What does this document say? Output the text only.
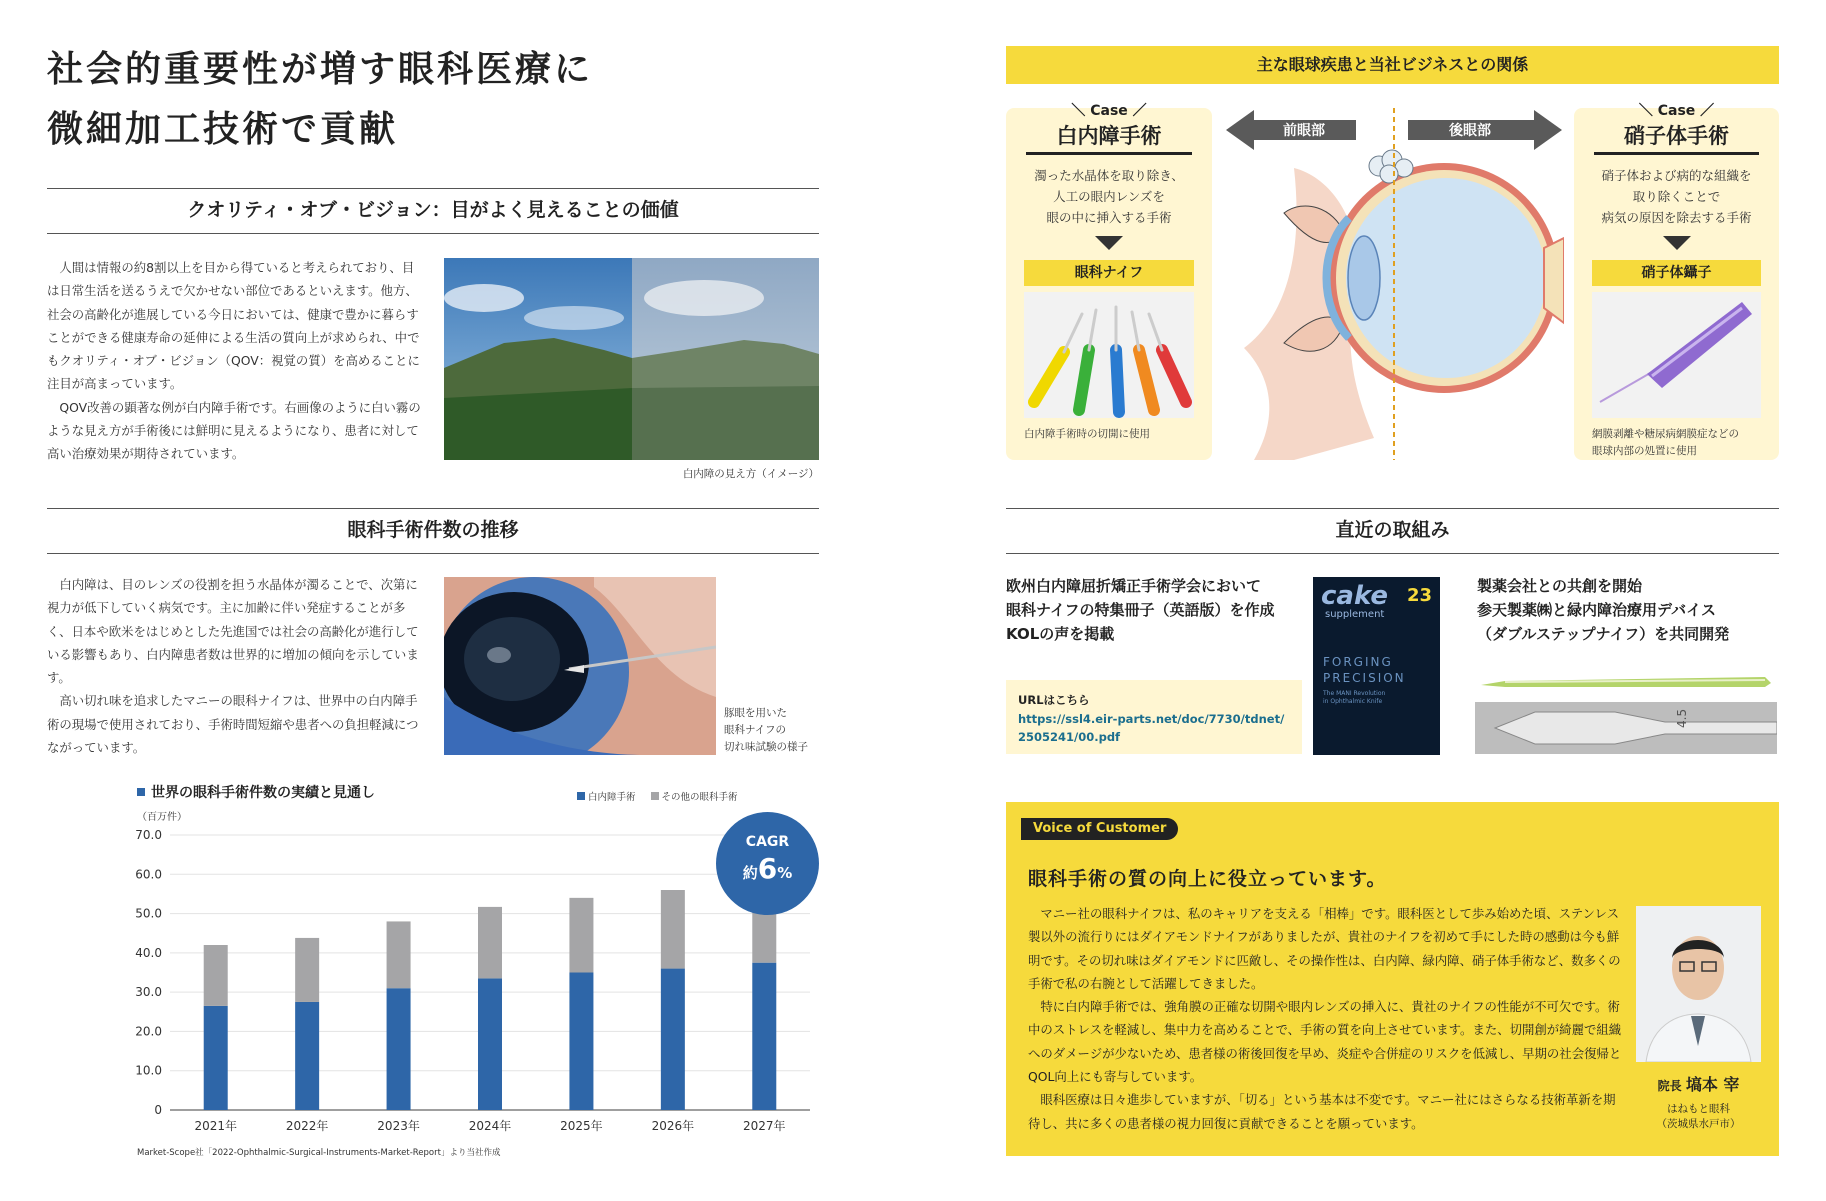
社会的重要性が増す眼科医療に
微細加工技術で貢献
クオリティ・オブ・ビジョン：目がよく見えることの価値

人間は情報の約8割以上を目から得ていると考えられており、目は日常生活を送るうえで欠かせない部位であるといえます。他方、社会の高齢化が進展している今日においては、健康で豊かに暮らすことができる健康寿命の延伸による生活の質向上が求められ、中でもクオリティ・オブ・ビジョン（QOV：視覚の質）を高めることに注目が高まっています。

QOV改善の顕著な例が白内障手術です。右画像のように白い霧のような見え方が手術後には鮮明に見えるようになり、患者に対して高い治療効果が期待されています。

白内障の見え方（イメージ）
眼科手術件数の推移

白内障は、目のレンズの役割を担う水晶体が濁ることで、次第に視力が低下していく病気です。主に加齢に伴い発症することが多く、日本や欧米をはじめとした先進国では社会の高齢化が進行している影響もあり、白内障患者数は世界的に増加の傾向を示しています。

高い切れ味を追求したマニーの眼科ナイフは、世界中の白内障手術の現場で使用されており、手術時間短縮や患者への負担軽減につながっています。

豚眼を用いた
眼科ナイフの
切れ味試験の様子
世界の眼科手術件数の実績と見通し
（百万件）
白内障手術	その他の眼科手術
0
10.0
20.0
30.0
40.0
50.0
60.0
70.0
2021年	2022年	2023年	2024年	2025年	2026年	2027年
CAGR
約6%
Market-Scope社「2022-Ophthalmic-Surgical-Instruments-Market-Report」より当社作成
主な眼球疾患と当社ビジネスとの関係
＼ Case ／
白内障手術
濁った水晶体を取り除き、
人工の眼内レンズを
眼の中に挿入する手術
眼科ナイフ
白内障手術時の切開に使用
前眼部	後眼部
＼ Case ／
硝子体手術
硝子体および病的な組織を
取り除くことで
病気の原因を除去する手術
硝子体鑷子
網膜剥離や糖尿病網膜症などの
眼球内部の処置に使用
直近の取組み
欧州白内障屈折矯正手術学会において
眼科ナイフの特集冊子（英語版）を作成
KOLの声を掲載
URLはこちら
https://ssl4.eir-parts.net/doc/7730/tdnet/
2505241/00.pdf
cake	23
supplement
FORGING
PRECISION
The MANI Revolution
in Ophthalmic Knife
製薬会社との共創を開始
参天製薬㈱と緑内障治療用デバイス
（ダブルステップナイフ）を共同開発
4.5
Voice of Customer
眼科手術の質の向上に役立っています。

マニー社の眼科ナイフは、私のキャリアを支える「相棒」です。眼科医として歩み始めた頃、ステンレス製以外の流行りにはダイアモンドナイフがありましたが、貴社のナイフを初めて手にした時の感動は今も鮮明です。その切れ味はダイアモンドに匹敵し、その操作性は、白内障、緑内障、硝子体手術など、数多くの手術で私の右腕として活躍してきました。

特に白内障手術では、強角膜の正確な切開や眼内レンズの挿入に、貴社のナイフの性能が不可欠です。術中のストレスを軽減し、集中力を高めることで、手術の質を向上させています。また、切開創が綺麗で組織へのダメージが少ないため、患者様の術後回復を早め、炎症や合併症のリスクを低減し、早期の社会復帰とQOL向上にも寄与しています。

眼科医療は日々進歩していますが、「切る」という基本は不変です。マニー社にはさらなる技術革新を期待し、共に多くの患者様の視力回復に貢献できることを願っています。

院長 塙本 宰
はねもと眼科
（茨城県水戸市）
